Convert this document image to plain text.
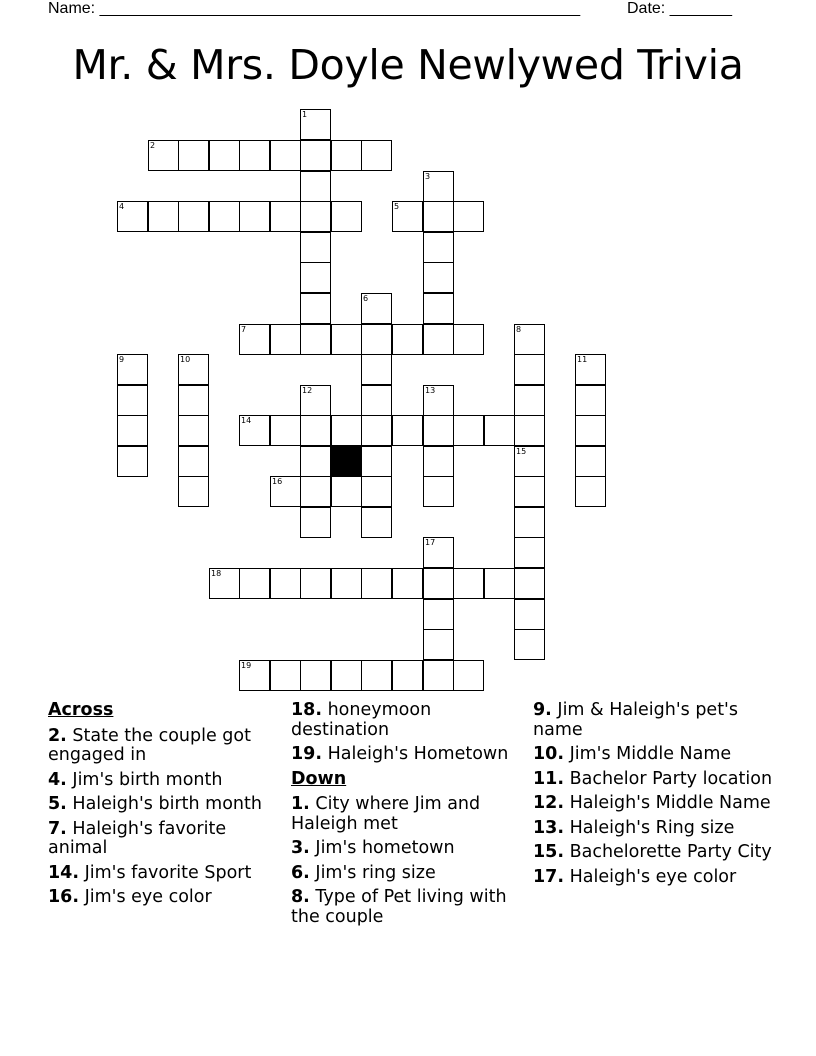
Name: ______________________________________________________	Date: _______
Mr. & Mrs. Doyle Newlywed Trivia
1
2
3
4	5
6
7	8
9	10	11
12	13
14
15
16
17
18
19
Across
2. State the couple got engaged in
4. Jim's birth month
5. Haleigh's birth month
7. Haleigh's favorite animal
14. Jim's favorite Sport
16. Jim's eye color
18. honeymoon destination
19. Haleigh's Hometown
Down
1. City where Jim and Haleigh met
3. Jim's hometown
6. Jim's ring size
8. Type of Pet living with the couple
9. Jim & Haleigh's pet's name
10. Jim's Middle Name
11. Bachelor Party location
12. Haleigh's Middle Name
13. Haleigh's Ring size
15. Bachelorette Party City
17. Haleigh's eye color
